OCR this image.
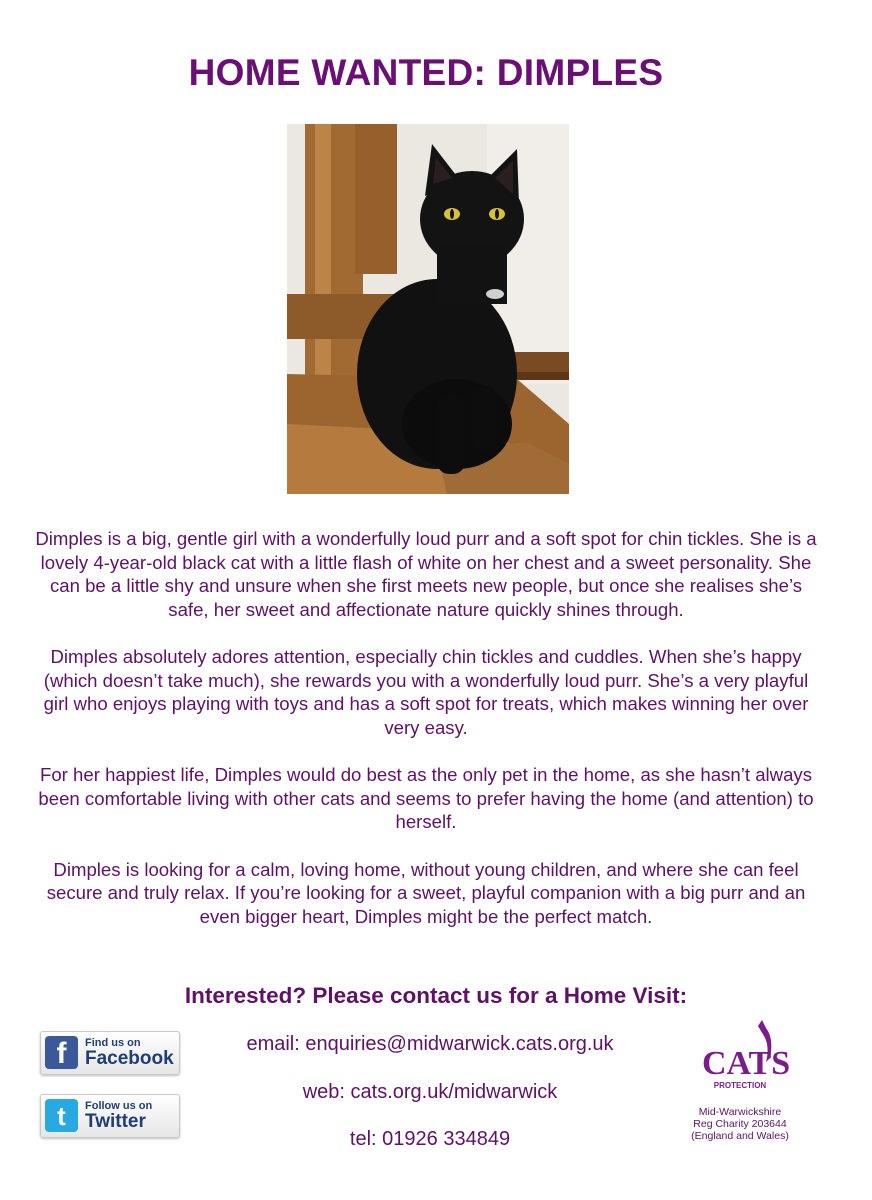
HOME WANTED: DIMPLES

Dimples is a big, gentle girl with a wonderfully loud purr and a soft spot for chin tickles. She is a lovely 4-year-old black cat with a little flash of white on her chest and a sweet personality. She can be a little shy and unsure when she first meets new people, but once she realises she’s safe, her sweet and affectionate nature quickly shines through.

Dimples absolutely adores attention, especially chin tickles and cuddles. When she’s happy (which doesn’t take much), she rewards you with a wonderfully loud purr. She’s a very playful girl who enjoys playing with toys and has a soft spot for treats, which makes winning her over very easy.

For her happiest life, Dimples would do best as the only pet in the home, as she hasn’t always been comfortable living with other cats and seems to prefer having the home (and attention) to herself.

Dimples is looking for a calm, loving home, without young children, and where she can feel secure and truly relax. If you’re looking for a sweet, playful companion with a big purr and an even bigger heart, Dimples might be the perfect match.

Interested? Please contact us for a Home Visit:
email: enquiries@midwarwick.cats.org.uk
web: cats.org.uk/midwarwick
tel: 01926 334849
f	Find us on
Facebook
t	Follow us on
Twitter
CATS
PROTECTION
Mid-Warwickshire
Reg Charity 203644
(England and Wales)
